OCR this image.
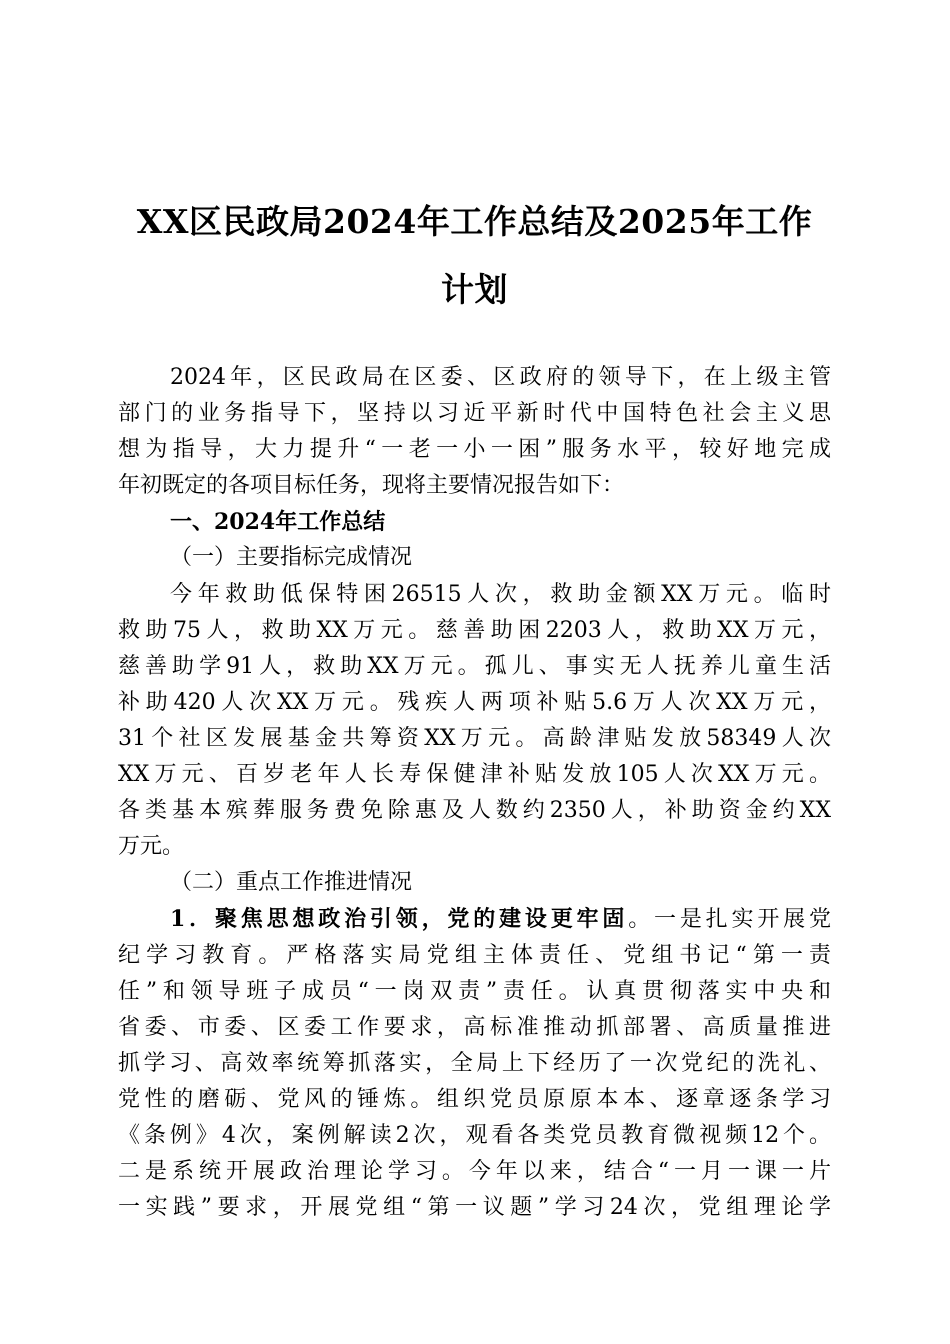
XX区民政局2024年工作总结及2025年工作
计划
2024年，区民政局在区委、区政府的领导下，在上级主管
部门的业务指导下，坚持以习近平新时代中国特色社会主义思
想为指导，大力提升“一老一小一困”服务水平，较好地完成
年初既定的各项目标任务，现将主要情况报告如下：
一、2024年工作总结
（一）主要指标完成情况
今年救助低保特困26515人次，救助金额XX万元。临时
救助75人，救助XX万元。慈善助困2203人，救助XX万元，
慈善助学91人，救助XX万元。孤儿、事实无人抚养儿童生活
补助420人次XX万元。残疾人两项补贴5.6万人次XX万元，
31个社区发展基金共筹资XX万元。高龄津贴发放58349人次
XX万元、百岁老年人长寿保健津补贴发放105人次XX万元。
各类基本殡葬服务费免除惠及人数约2350人，补助资金约XX
万元。
（二）重点工作推进情况
1．聚焦思想政治引领，党的建设更牢固。一是扎实开展党
纪学习教育。严格落实局党组主体责任、党组书记“第一责
任”和领导班子成员“一岗双责”责任。认真贯彻落实中央和
省委、市委、区委工作要求，高标准推动抓部署、高质量推进
抓学习、高效率统筹抓落实，全局上下经历了一次党纪的洗礼、
党性的磨砺、党风的锤炼。组织党员原原本本、逐章逐条学习
《条例》4次，案例解读2次，观看各类党员教育微视频12个。
二是系统开展政治理论学习。今年以来，结合“一月一课一片
一实践”要求，开展党组“第一议题”学习24次，党组理论学
